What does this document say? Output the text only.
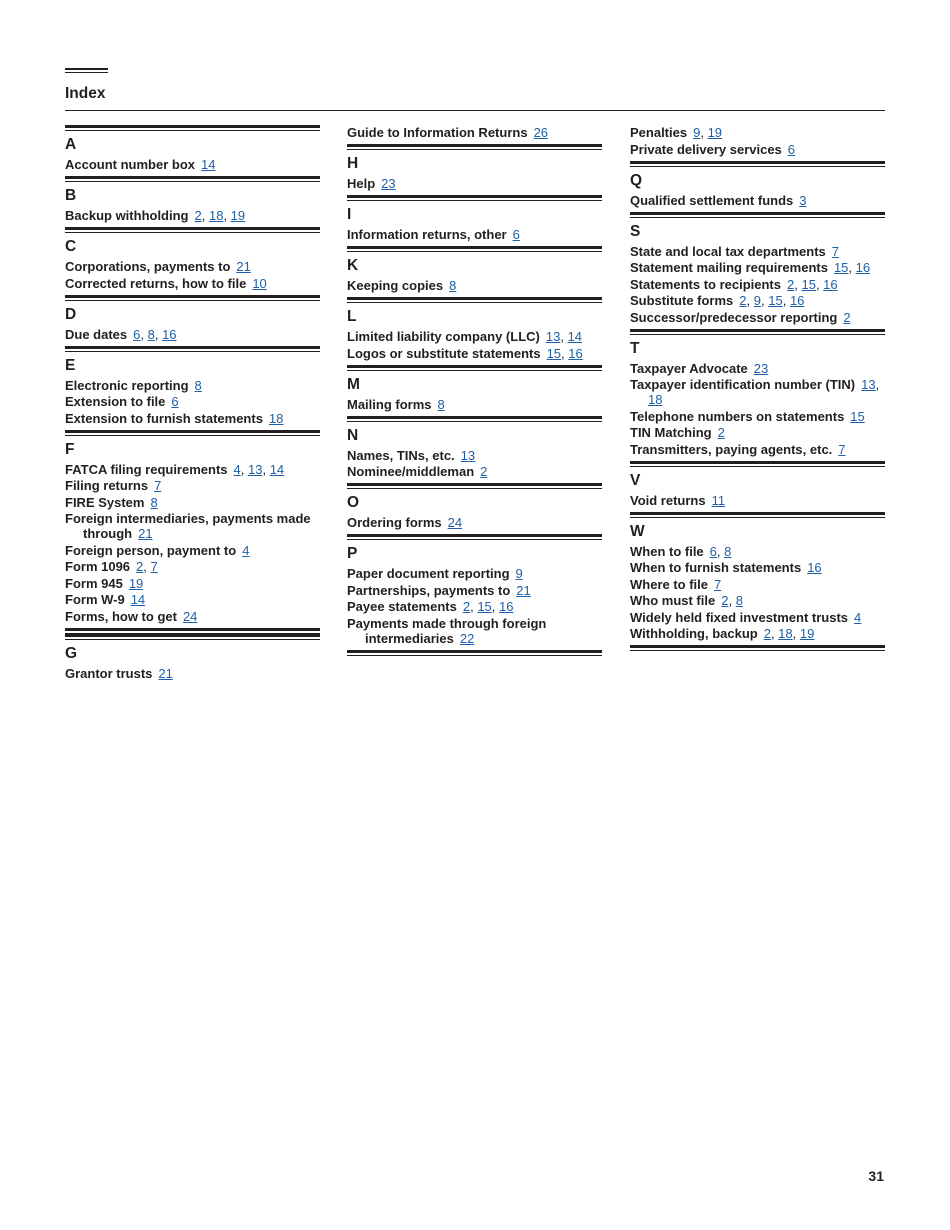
Index
A
Account number box 14
B
Backup withholding 2, 18, 19
C
Corporations, payments to 21
Corrected returns, how to file 10
D
Due dates 6, 8, 16
E
Electronic reporting 8
Extension to file 6
Extension to furnish statements 18
F
FATCA filing requirements 4, 13, 14
Filing returns 7
FIRE System 8
Foreign intermediaries, payments made through 21
Foreign person, payment to 4
Form 1096 2, 7
Form 945 19
Form W-9 14
Forms, how to get 24
G
Grantor trusts 21
Guide to Information Returns 26
H
Help 23
I
Information returns, other 6
K
Keeping copies 8
L
Limited liability company (LLC) 13, 14
Logos or substitute statements 15, 16
M
Mailing forms 8
N
Names, TINs, etc. 13
Nominee/middleman 2
O
Ordering forms 24
P
Paper document reporting 9
Partnerships, payments to 21
Payee statements 2, 15, 16
Payments made through foreign intermediaries 22
Penalties 9, 19
Private delivery services 6
Q
Qualified settlement funds 3
S
State and local tax departments 7
Statement mailing requirements 15, 16
Statements to recipients 2, 15, 16
Substitute forms 2, 9, 15, 16
Successor/predecessor reporting 2
T
Taxpayer Advocate 23
Taxpayer identification number (TIN) 13, 18
Telephone numbers on statements 15
TIN Matching 2
Transmitters, paying agents, etc. 7
V
Void returns 11
W
When to file 6, 8
When to furnish statements 16
Where to file 7
Who must file 2, 8
Widely held fixed investment trusts 4
Withholding, backup 2, 18, 19
31
